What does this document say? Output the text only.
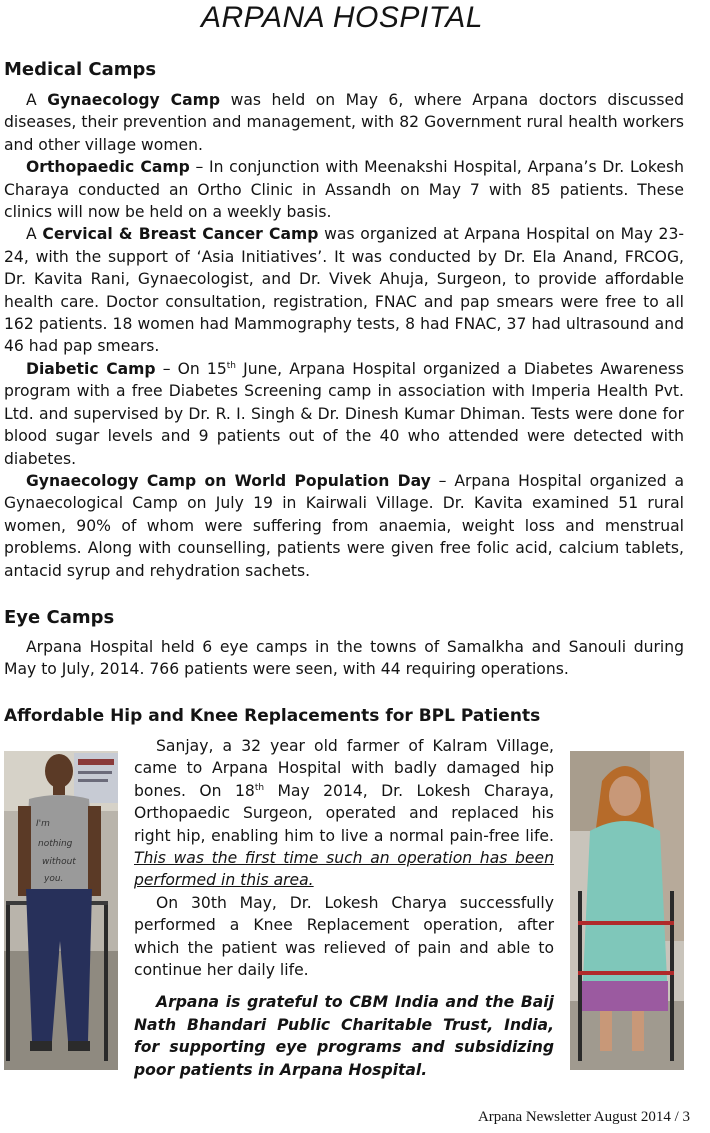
ARPANA HOSPITAL
Medical Camps

A Gynaecology Camp was held on May 6, where Arpana doctors discussed diseases, their prevention and management, with 82 Government rural health workers and other village women.

Orthopaedic Camp – In conjunction with Meenakshi Hospital, Arpana’s Dr. Lokesh Charaya conducted an Ortho Clinic in Assandh on May 7 with 85 patients. These clinics will now be held on a weekly basis.

A Cervical & Breast Cancer Camp was organized at Arpana Hospital on May 23-24, with the support of ‘Asia Initiatives’. It was conducted by Dr. Ela Anand, FRCOG, Dr. Kavita Rani, Gynaecologist, and Dr. Vivek Ahuja, Surgeon, to provide affordable health care. Doctor consultation, registration, FNAC and pap smears were free to all 162 patients. 18 women had Mammography tests, 8 had FNAC, 37 had ultrasound and 46 had pap smears.

Diabetic Camp – On 15th June, Arpana Hospital organized a Diabetes Awareness program with a free Diabetes Screening camp in association with Imperia Health Pvt. Ltd. and supervised by Dr. R. I. Singh & Dr. Dinesh Kumar Dhiman. Tests were done for blood sugar levels and 9 patients out of the 40 who attended were detected with diabetes.

Gynaecology Camp on World Population Day – Arpana Hospital organized a Gynaecological Camp on July 19 in Kairwali Village. Dr. Kavita examined 51 rural women, 90% of whom were suffering from anaemia, weight loss and menstrual problems. Along with counselling, patients were given free folic acid, calcium tablets, antacid syrup and rehydration sachets.

Eye Camps

Arpana Hospital held 6 eye camps in the towns of Samalkha and Sanouli during May to July, 2014. 766 patients were seen, with 44 requiring operations.

Affordable Hip and Knee Replacements for BPL Patients
I'm
nothing
without
you.

Sanjay, a 32 year old farmer of Kalram Village, came to Arpana Hospital with badly damaged hip bones. On 18th May 2014, Dr. Lokesh Charaya, Orthopaedic Surgeon, operated and replaced his right hip, enabling him to live a normal pain-free life. This was the first time such an operation has been performed in this area.

On 30th May, Dr. Lokesh Charya successfully performed a Knee Replacement operation, after which the patient was relieved of pain and able to continue her daily life.

Arpana is grateful to CBM India and the Baij Nath Bhandari Public Charitable Trust, India, for supporting eye programs and subsidizing poor patients in Arpana Hospital.

Arpana Newsletter August 2014 / 3
